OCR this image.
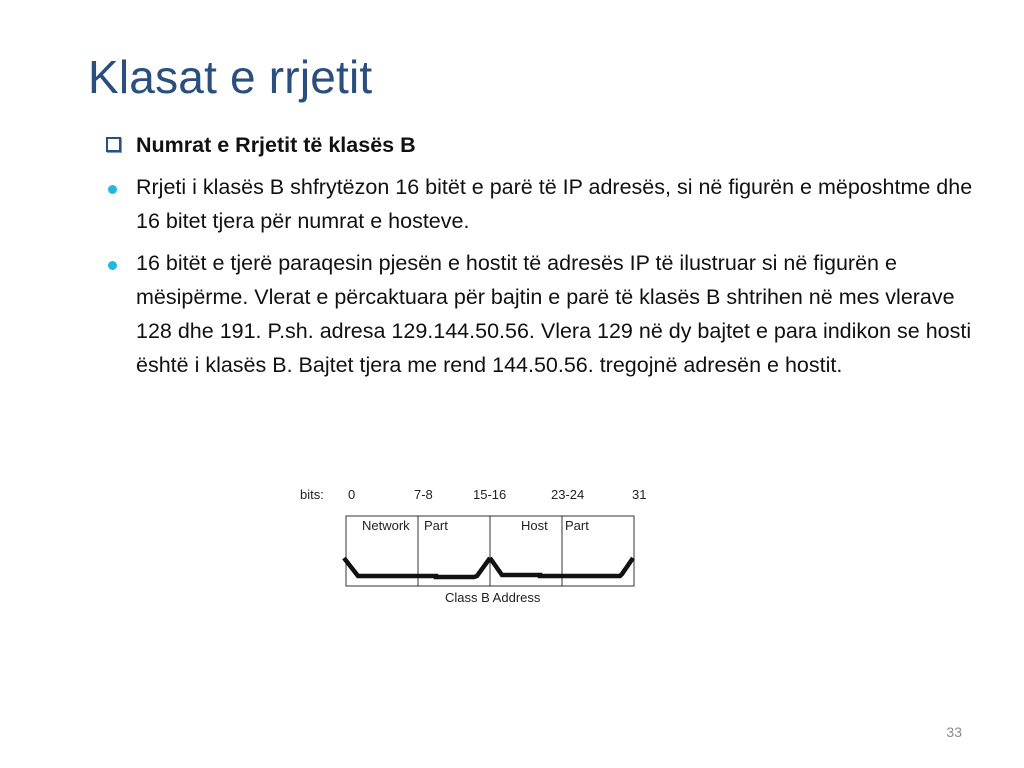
Klasat e rrjetit
Numrat e Rrjetit të klasës B
Rrjeti i klasës B shfrytëzon 16 bitët e parë të IP adresës, si në figurën e mëposhtme dhe 16 bitet tjera për numrat e hosteve.
16 bitët e tjerë paraqesin pjesën e hostit të adresës IP të ilustruar si në figurën e mësipërme. Vlerat e përcaktuara për bajtin e parë të klasës B shtrihen në mes vlerave 128 dhe 191. P.sh. adresa 129.144.50.56. Vlera 129 në dy bajtet e para indikon se hosti është i klasës B. Bajtet tjera me rend 144.50.56. tregojnë adresën e hostit.
bits: 0	7-8	15-16	23-24	31
Network Part	Host Part
Class B Address
33
